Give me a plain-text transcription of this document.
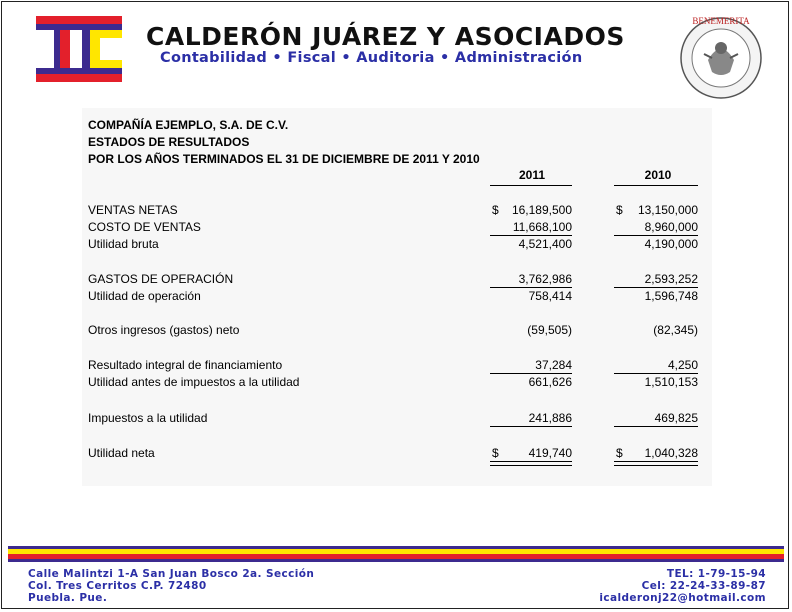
CALDERÓN JUÁREZ Y ASOCIADOS
Contabilidad • Fiscal • Auditoria • Administración
BENEMERITA
COMPAÑÍA EJEMPLO, S.A. DE C.V.
ESTADOS DE RESULTADOS
POR LOS AÑOS TERMINADOS EL 31 DE DICIEMBRE DE 2011 Y 2010
2011	2010
VENTAS NETAS	$	16,189,500	$	13,150,000
COSTO DE VENTAS	11,668,100	8,960,000
Utilidad bruta	4,521,400	4,190,000
GASTOS DE OPERACIÓN	3,762,986	2,593,252
Utilidad de operación	758,414	1,596,748
Otros ingresos (gastos) neto	(59,505)	(82,345)
Resultado integral de financiamiento	37,284	4,250
Utilidad antes de impuestos a la utilidad	661,626	1,510,153
Impuestos a la utilidad	241,886	469,825
Utilidad neta	$	419,740	$	1,040,328
Calle Malintzi 1-A San Juan Bosco 2a. Sección
Col. Tres Cerritos C.P. 72480
Puebla. Pue.
TEL: 1-79-15-94
Cel: 22-24-33-89-87
icalderonj22@hotmail.com
